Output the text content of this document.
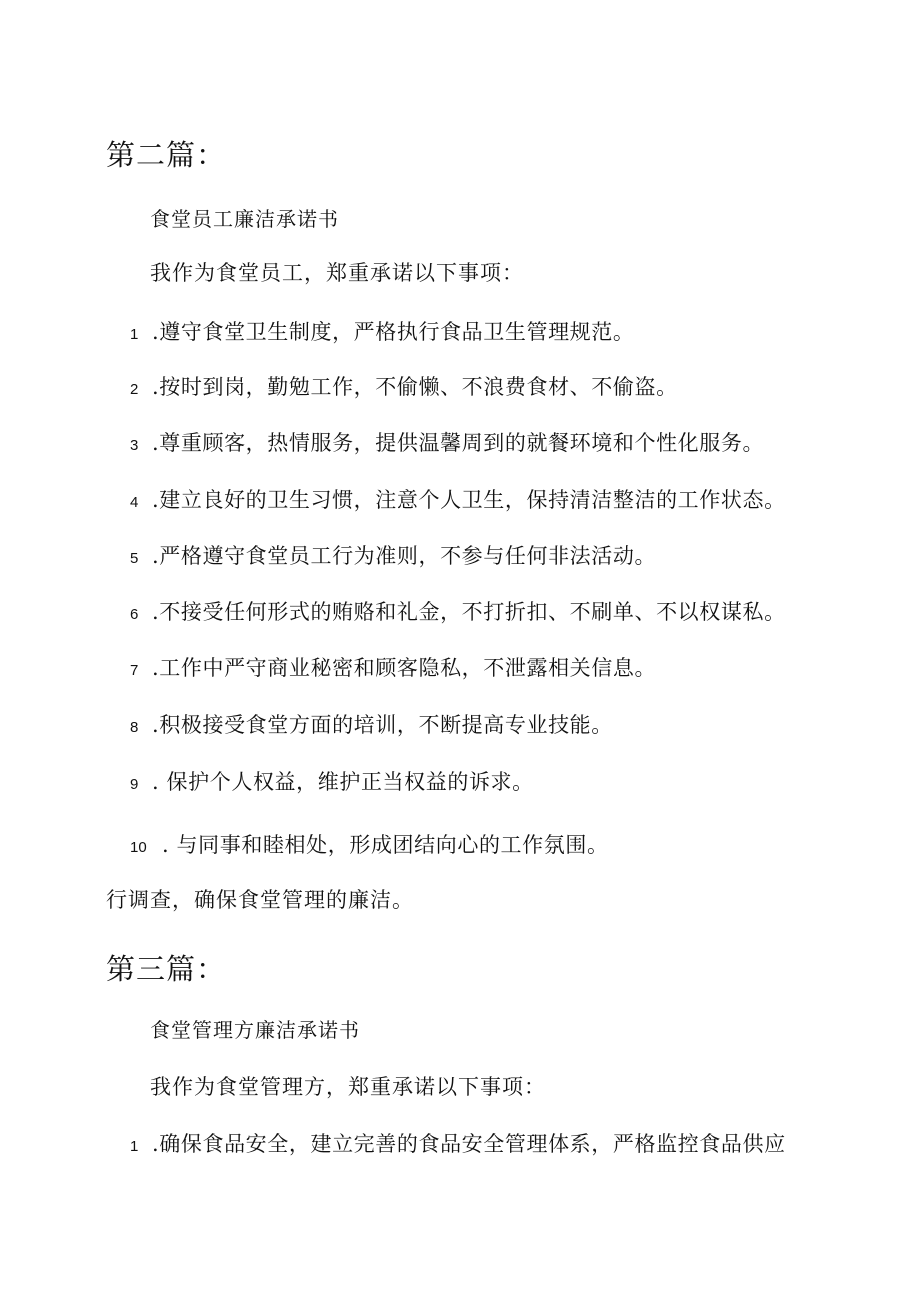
第二篇：
食堂员工廉洁承诺书
我作为食堂员工，郑重承诺以下事项：
1 .遵守食堂卫生制度，严格执行食品卫生管理规范。
2 .按时到岗，勤勉工作，不偷懒、不浪费食材、不偷盗。
3 .尊重顾客，热情服务，提供温馨周到的就餐环境和个性化服务。
4 .建立良好的卫生习惯，注意个人卫生，保持清洁整洁的工作状态。
5 .严格遵守食堂员工行为准则，不参与任何非法活动。
6 .不接受任何形式的贿赂和礼金，不打折扣、不刷单、不以权谋私。
7 .工作中严守商业秘密和顾客隐私，不泄露相关信息。
8 .积极接受食堂方面的培训，不断提高专业技能。
9 . 保护个人权益，维护正当权益的诉求。
10 . 与同事和睦相处，形成团结向心的工作氛围。
行调查，确保食堂管理的廉洁。
第三篇：
食堂管理方廉洁承诺书
我作为食堂管理方，郑重承诺以下事项：
1 .确保食品安全，建立完善的食品安全管理体系，严格监控食品供应
